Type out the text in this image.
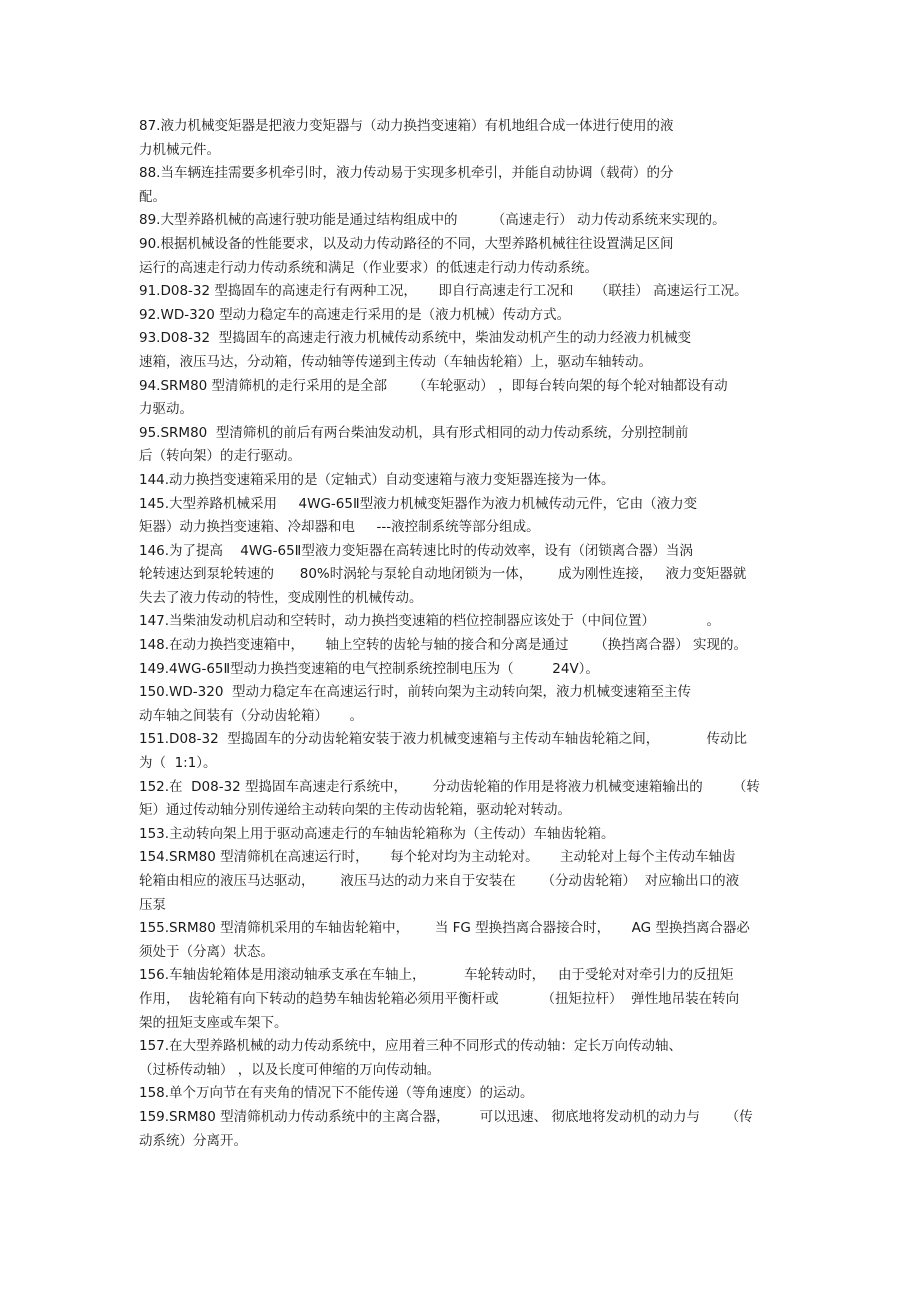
87.液力机械变矩器是把液力变矩器与（动力换挡变速箱）有机地组合成一体进行使用的液
力机械元件。
88.当车辆连挂需要多机牵引时，液力传动易于实现多机牵引，并能自动协调（载荷）的分
配。
89.大型养路机械的高速行驶功能是通过结构组成中的        （高速走行） 动力传动系统来实现的。
90.根据机械设备的性能要求，以及动力传动路径的不同，大型养路机械往往设置满足区间
运行的高速走行动力传动系统和满足（作业要求）的低速走行动力传动系统。
91.D08-32 型捣固车的高速走行有两种工况，     即自行高速走行工况和     （联挂） 高速运行工况。
92.WD-320 型动力稳定车的高速走行采用的是（液力机械）传动方式。
93.D08-32  型捣固车的高速走行液力机械传动系统中，柴油发动机产生的动力经液力机械变
速箱，液压马达，分动箱，传动轴等传递到主传动（车轴齿轮箱）上，驱动车轴转动。
94.SRM80 型清筛机的走行采用的是全部      （车轮驱动） ，即每台转向架的每个轮对轴都设有动
力驱动。
95.SRM80  型清筛机的前后有两台柴油发动机，具有形式相同的动力传动系统，分别控制前
后（转向架）的走行驱动。
144.动力换挡变速箱采用的是（定轴式）自动变速箱与液力变矩器连接为一体。
145.大型养路机械采用     4WG-65Ⅱ型液力机械变矩器作为液力机械传动元件，它由（液力变
矩器）动力换挡变速箱、冷却器和电     ---液控制系统等部分组成。
146.为了提高    4WG-65Ⅱ型液力变矩器在高转速比时的传动效率，设有（闭锁离合器）当涡
轮转速达到泵轮转速的      80%时涡轮与泵轮自动地闭锁为一体，      成为刚性连接，   液力变矩器就
失去了液力传动的特性，变成刚性的机械传动。
147.当柴油发动机启动和空转时，动力换挡变速箱的档位控制器应该处于（中间位置）            。
148.在动力换挡变速箱中，     轴上空转的齿轮与轴的接合和分离是通过      （换挡离合器） 实现的。
149.4WG-65Ⅱ型动力换挡变速箱的电气控制系统控制电压为（         24V）。
150.WD-320  型动力稳定车在高速运行时，前转向架为主动转向架，液力机械变速箱至主传
动车轴之间装有（分动齿轮箱）     。
151.D08-32  型捣固车的分动齿轮箱安装于液力机械变速箱与主传动车轴齿轮箱之间，           传动比
为（  1:1）。
152.在  D08-32 型捣固车高速走行系统中，      分动齿轮箱的作用是将液力机械变速箱输出的       （转
矩）通过传动轴分别传递给主动转向架的主传动齿轮箱，驱动轮对转动。
153.主动转向架上用于驱动高速走行的车轴齿轮箱称为（主传动）车轴齿轮箱。
154.SRM80 型清筛机在高速运行时，     每个轮对均为主动轮对。     主动轮对上每个主传动车轴齿
轮箱由相应的液压马达驱动，      液压马达的动力来自于安装在      （分动齿轮箱）  对应输出口的液
压泵
155.SRM80 型清筛机采用的车轴齿轮箱中，      当 FG 型换挡离合器接合时，     AG 型换挡离合器必
须处于（分离）状态。
156.车轴齿轮箱体是用滚动轴承支承在车轴上，         车轮转动时，   由于受轮对对牵引力的反扭矩
作用，  齿轮箱有向下转动的趋势车轴齿轮箱必须用平衡杆或          （扭矩拉杆）  弹性地吊装在转向
架的扭矩支座或车架下。
157.在大型养路机械的动力传动系统中，应用着三种不同形式的传动轴：定长万向传动轴、
（过桥传动轴） ，以及长度可伸缩的万向传动轴。
158.单个万向节在有夹角的情况下不能传递（等角速度）的运动。
159.SRM80 型清筛机动力传动系统中的主离合器，       可以迅速、 彻底地将发动机的动力与      （传
动系统）分离开。
